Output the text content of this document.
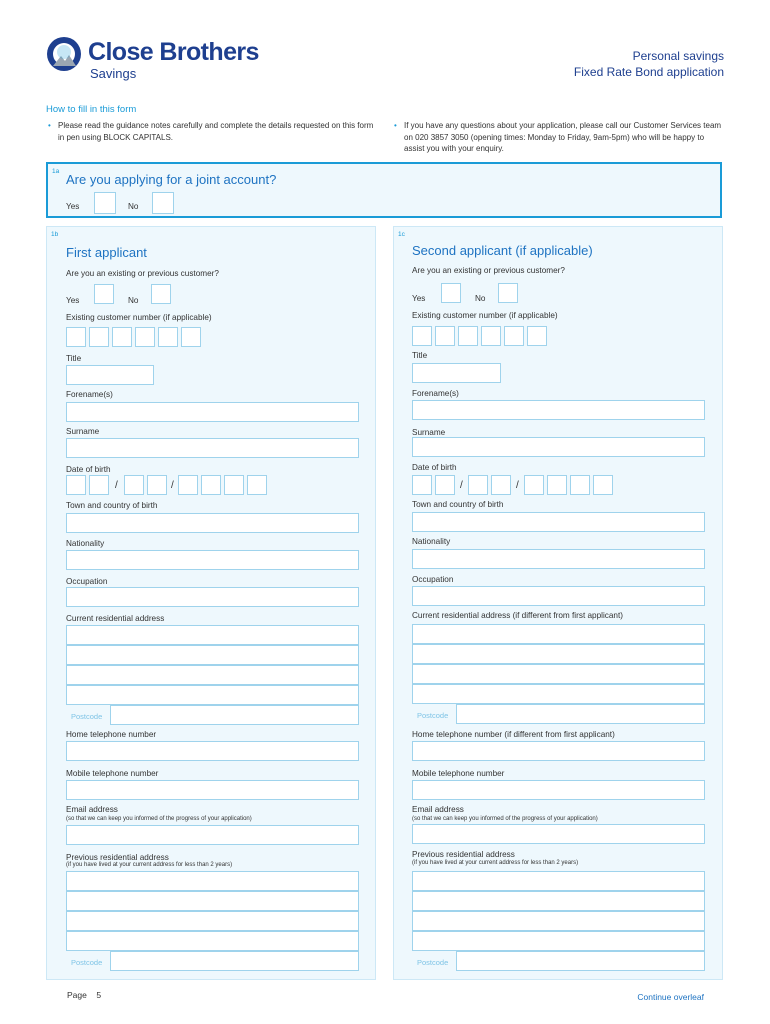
Close Brothers
Savings
Personal savings
Fixed Rate Bond application
How to fill in this form
• Please read the guidance notes carefully and complete the details requested on this form in pen using BLOCK CAPITALS.
• If you have any questions about your application, please call our Customer Services team on 020 3857 3050 (opening times: Monday to Friday, 9am-5pm) who will be happy to assist you with your enquiry.
1a
Are you applying for a joint account?
Yes	No
1b
First applicant
Are you an existing or previous customer?
Yes	No
Existing customer number (if applicable)
Title
Forename(s)
Surname
Date of birth
/	/
Town and country of birth
Nationality
Occupation
Current residential address
Postcode
Home telephone number
Mobile telephone number
Email address
(so that we can keep you informed of the progress of your application)
Previous residential address
(if you have lived at your current address for less than 2 years)
Postcode
1c
Second applicant (if applicable)
Are you an existing or previous customer?
Yes	No
Existing customer number (if applicable)
Title
Forename(s)
Surname
Date of birth
/	/
Town and country of birth
Nationality
Occupation
Current residential address (if different from first applicant)
Postcode
Home telephone number (if different from first applicant)
Mobile telephone number
Email address
(so that we can keep you informed of the progress of your application)
Previous residential address
(if you have lived at your current address for less than 2 years)
Postcode
Page 5	Continue overleaf
